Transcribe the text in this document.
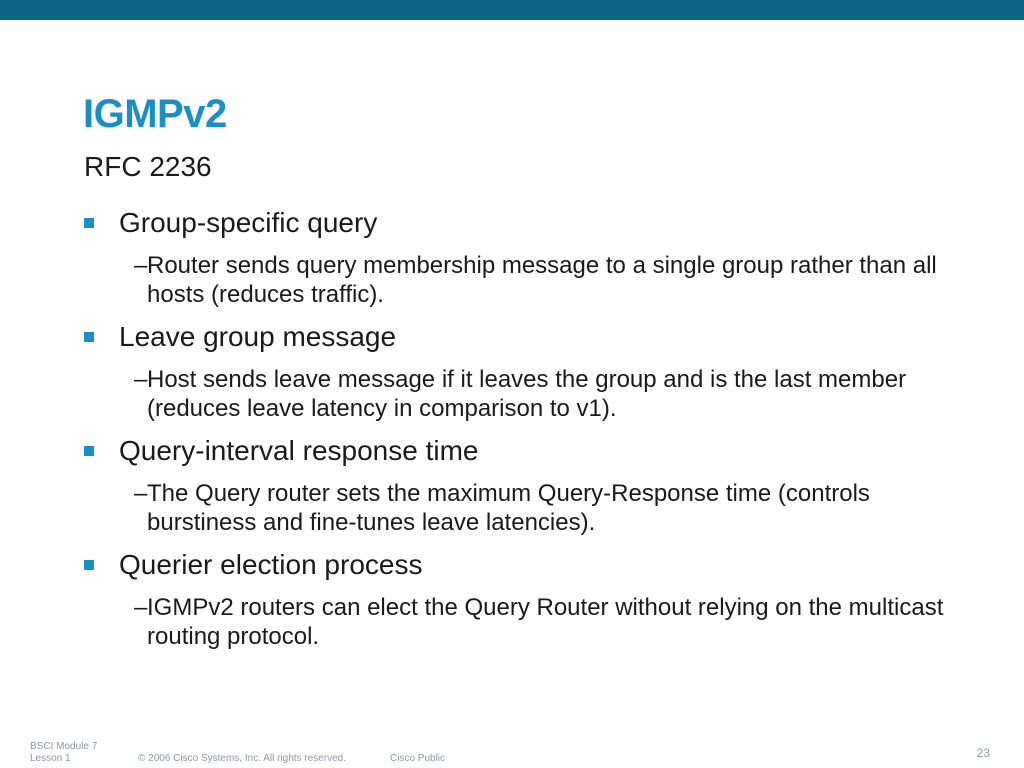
IGMPv2
RFC 2236
Group-specific query
– Router sends query membership message to a single group rather than all hosts (reduces traffic).
Leave group message
– Host sends leave message if it leaves the group and is the last member (reduces leave latency in comparison to v1).
Query-interval response time
– The Query router sets the maximum Query-Response time (controls burstiness and fine-tunes leave latencies).
Querier election process
– IGMPv2 routers can elect the Query Router without relying on the multicast routing protocol.
BSCI Module 7
Lesson 1	© 2006 Cisco Systems, Inc. All rights reserved.	Cisco Public	23
